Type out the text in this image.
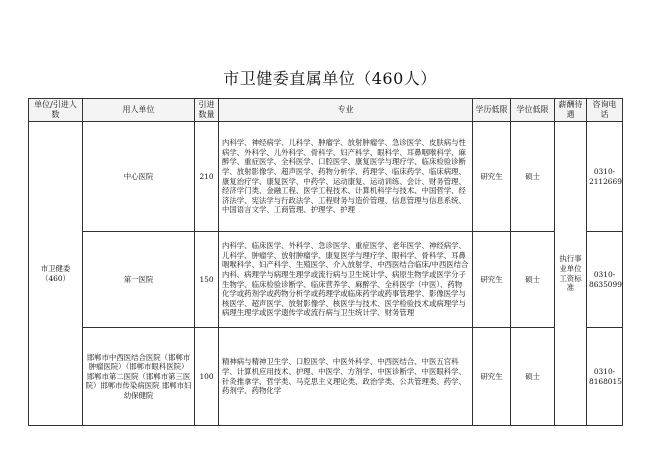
市卫健委直属单位（460人）
单位/引进人数	用人单位	引进数量	专业	学历低限	学位低限	薪酬待遇	咨询电话
市卫健委（460）	中心医院	210	内科学、神经病学、儿科学、肿瘤学、放射肿瘤学、急诊医学、皮肤病与性病学、外科学、儿外科学、骨科学、妇产科学、眼科学、耳鼻咽喉科学、麻醉学、重症医学、全科医学、口腔医学、康复医学与理疗学、临床检验诊断学、放射影像学、超声医学、药物分析学、药理学、临床药学、临床病理、康复治疗学、康复医学、中药学、运动康复、运动训练、会计、财务管理、经济学门类、金融工程、医学工程技术、计算机科学与技术、中国哲学、经济法学、宪法学与行政法学、工程财务与造价管理、信息管理与信息系统、中国语言文学、工商管理、护理学、护理	研究生	硕士	执行事业单位工资标准	0310-2112669
	第一医院	150	内科学、临床医学、外科学、急诊医学、重症医学、老年医学、神经病学、儿科学、肿瘤学、放射肿瘤学、康复医学与理疗学、眼科学、骨科学、耳鼻咽喉科学、妇产科学、生殖医学、介入放射学、中西医结合临床/中西医结合内科、病理学与病理生理学或流行病与卫生统计学、病原生物学或医学分子生物学、临床检验诊断学、临床营养学、麻醉学、全科医学（中医）、药物化学或药剂学或药物分析学或药理学或临床药学或药事管理学、影像医学与核医学、超声医学、放射影像学、核医学与技术、医学检验技术或病理学与病理生理学或医学遗传学或流行病与卫生统计学、财务管理	研究生	硕士		0310-8635099
	邯郸市中西医结合医院（邯郸市肿瘤医院）（邯郸市眼科医院）邯郸市第二医院（邯郸市第三医院）邯郸市传染病医院 邯郸市妇幼保健院	100	精神病与精神卫生学、口腔医学、中医外科学、中西医结合、中医五官科学、计算机应用技术、护理、中医学、方剂学、中医诊断学、中医眼科学、针灸推拿学、哲学类、马克思主义理论类、政治学类、公共管理类、药学、药剂学、药物化学	研究生	硕士		0310-8168015
